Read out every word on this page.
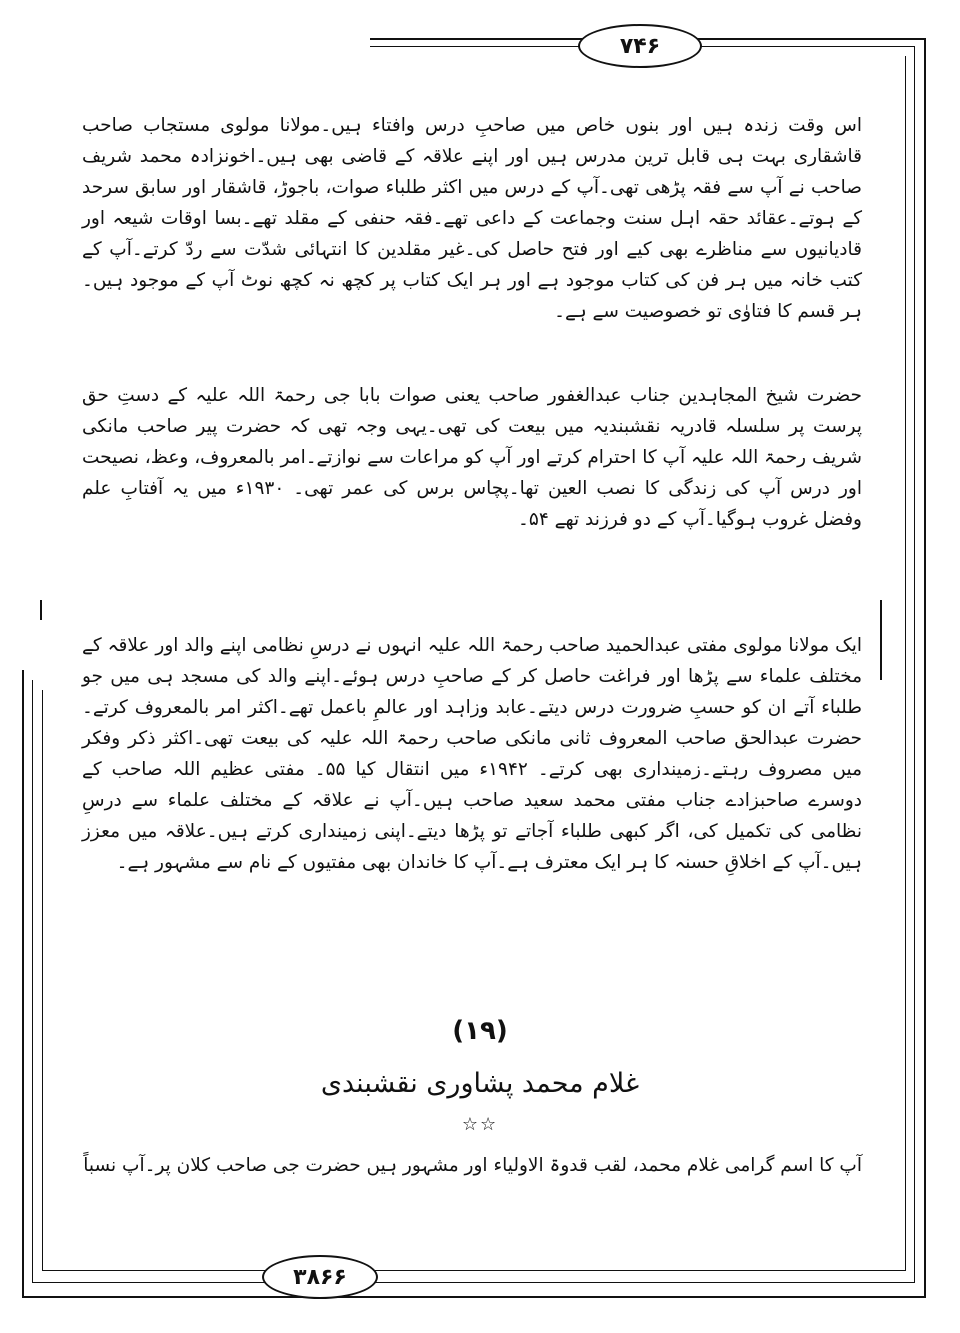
۷۴۶
۳۸۶۶

اس وقت زندہ ہیں اور بنوں خاص میں صاحبِ درس وافتاء ہیں۔مولانا مولوی مستجاب صاحب قاشقاری بہت ہی قابل ترین مدرس ہیں اور اپنے علاقہ کے قاضی بھی ہیں۔اخونزادہ محمد شریف صاحب نے آپ سے فقہ پڑھی تھی۔آپ کے درس میں اکثر طلباء صوات، باجوڑ، قاشقار اور سابق سرحد کے ہوتے۔عقائد حقہ اہل سنت وجماعت کے داعی تھے۔فقہ حنفی کے مقلد تھے۔بسا اوقات شیعہ اور قادیانیوں سے مناظرے بھی کیے اور فتح حاصل کی۔غیر مقلدین کا انتہائی شدّت سے ردّ کرتے۔آپ کے کتب خانہ میں ہر فن کی کتاب موجود ہے اور ہر ایک کتاب پر کچھ نہ کچھ نوٹ آپ کے موجود ہیں۔ہر قسم کا فتاوٰی تو خصوصیت سے ہے۔

حضرت شیخ المجاہدین جناب عبدالغفور صاحب یعنی صوات بابا جی رحمۃ اللہ علیہ کے دستِ حق پرست پر سلسلہ قادریہ نقشبندیہ میں بیعت کی تھی۔یہی وجہ تھی کہ حضرت پیر صاحب مانکی شریف رحمۃ اللہ علیہ آپ کا احترام کرتے اور آپ کو مراعات سے نوازتے۔امر بالمعروف، وعظ، نصیحت اور درس آپ کی زندگی کا نصب العین تھا۔پچاس برس کی عمر تھی۔ ۱۹۳۰ء میں یہ آفتابِ علم وفضل غروب ہوگیا۔آپ کے دو فرزند تھے ۵۴۔

ایک مولانا مولوی مفتی عبدالحمید صاحب رحمۃ اللہ علیہ انہوں نے درسِ نظامی اپنے والد اور علاقہ کے مختلف علماء سے پڑھا اور فراغت حاصل کر کے صاحبِ درس ہوئے۔اپنے والد کی مسجد ہی میں جو طلباء آتے ان کو حسبِ ضرورت درس دیتے۔عابد وزاہد اور عالمِ باعمل تھے۔اکثر امر بالمعروف کرتے۔حضرت عبدالحق صاحب المعروف ثانی مانکی صاحب رحمۃ اللہ علیہ کی بیعت تھی۔اکثر ذکر وفکر میں مصروف رہتے۔زمینداری بھی کرتے۔ ۱۹۴۲ء میں انتقال کیا ۵۵۔ مفتی عظیم اللہ صاحب کے دوسرے صاحبزادے جناب مفتی محمد سعید صاحب ہیں۔آپ نے علاقہ کے مختلف علماء سے درسِ نظامی کی تکمیل کی، اگر کبھی طلباء آجاتے تو پڑھا دیتے۔اپنی زمینداری کرتے ہیں۔علاقہ میں معزز ہیں۔آپ کے اخلاقِ حسنہ کا ہر ایک معترف ہے۔آپ کا خاندان بھی مفتیوں کے نام سے مشہور ہے۔

(۱۹)
غلام محمد پشاوری نقشبندی
☆☆

آپ کا اسم گرامی غلام محمد، لقب قدوۃ الاولیاء اور مشہور ہیں حضرت جی صاحب کلان پر۔آپ نسباً
